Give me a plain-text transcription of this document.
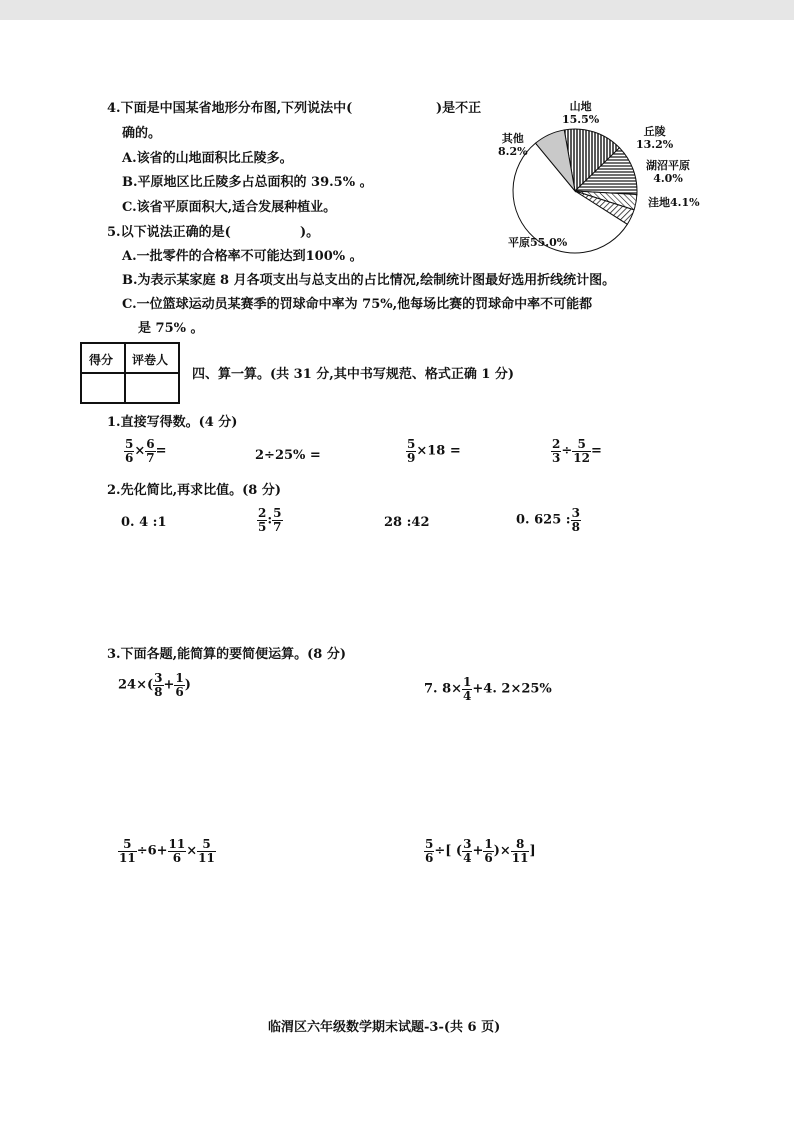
4.下面是中国某省地形分布图,下列说法中(	)是不正
确的。
A.该省的山地面积比丘陵多。
B.平原地区比丘陵多占总面积的 39.5% 。
C.该省平原面积大,适合发展种植业。
山地
15.5%
丘陵
13.2%
湖沼平原
4.0%
洼地4.1%
平原55.0%
其他
8.2%
5.以下说法正确的是(	)。
A.一批零件的合格率不可能达到100% 。
B.为表示某家庭 8 月各项支出与总支出的占比情况,绘制统计图最好选用折线统计图。
C.一位篮球运动员某赛季的罚球命中率为 75%,他每场比赛的罚球命中率不可能都
是 75% 。
得分 评卷人
四、算一算。(共 31 分,其中书写规范、格式正确 1 分)
1.直接写得数。(4 分)
$\frac{5}{6} \times \frac{6}{7}$ =	2÷25% =	$\frac{5}{9} \times 18$ =	$\frac{2}{3} \div \frac{5}{12}$ =
2.先化简比,再求比值。(8 分)
0. 4 :1	$\frac{2}{5}$ : $\frac{5}{7}$	28 :42	0. 625 : $\frac{3}{8}$
3.下面各题,能简算的要简便运算。(8 分)
$24\times( \frac{3}{8} + \frac{1}{6}$ )	7. $8\times \frac{1}{4} +4$. 2×25%
$\frac{5}{11} \div 6+ \frac{11}{6} \times \frac{5}{11}$	$\frac{5}{6}$ ÷[ ( $\frac{3}{4} + \frac{1}{6}$ )× $\frac{8}{11}$ ]
临渭区六年级数学期末试题-3-(共 6 页)
